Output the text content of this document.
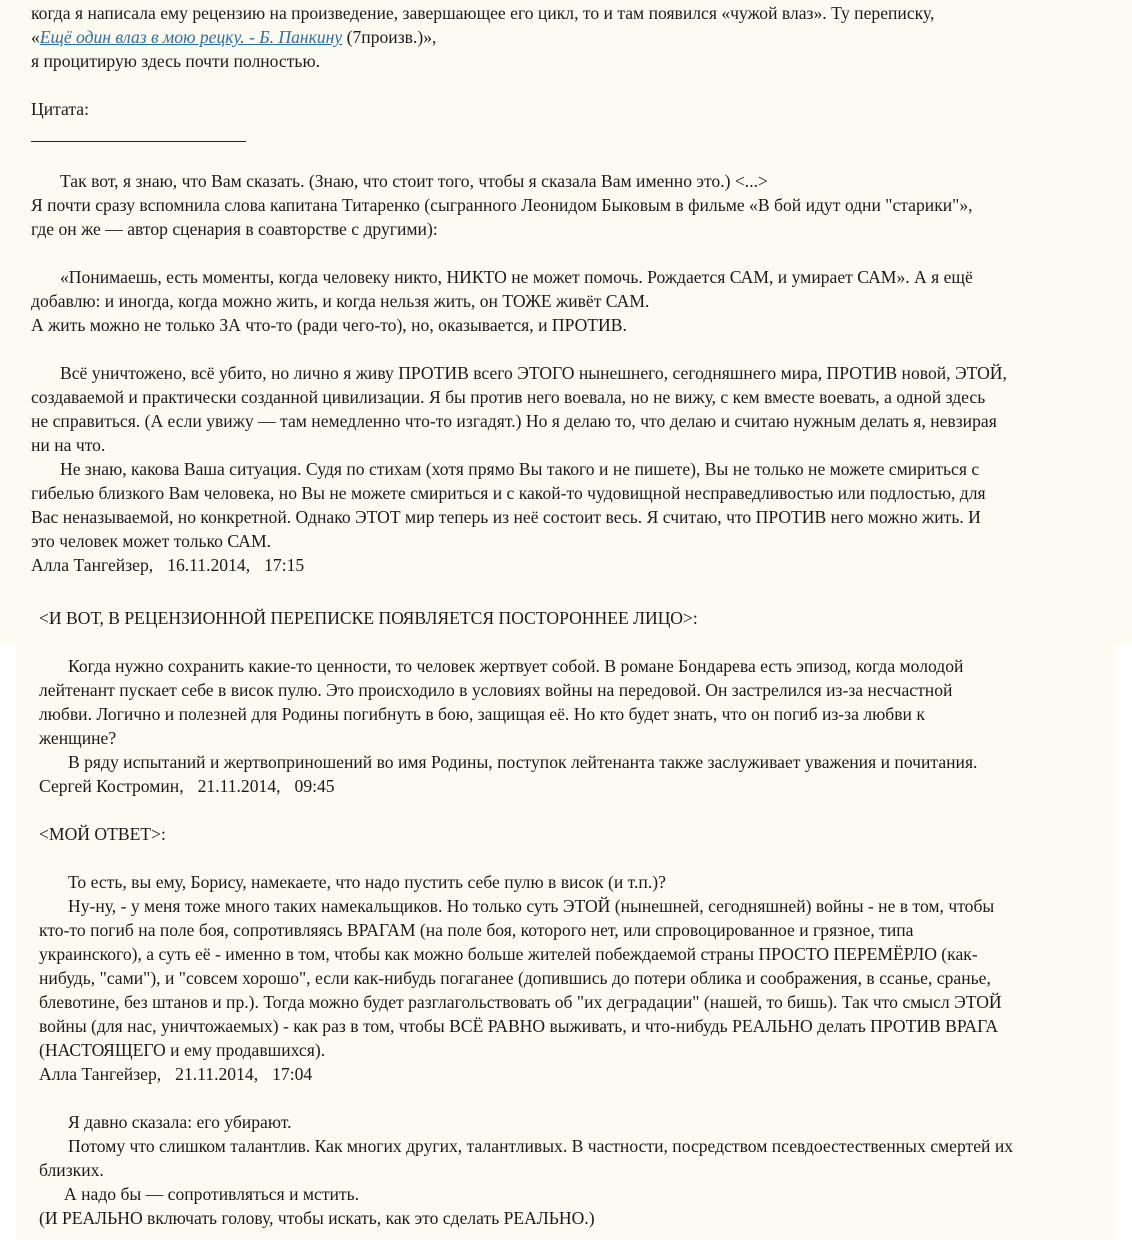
когда я написала ему рецензию на произведение, завершающее его цикл, то и там появился «чужой влаз». Ту переписку,
«Ещё один влаз в мою рецку. - Б. Панкину (7произв.)»,
я процитирую здесь почти полностью.
Цитата:
Так вот, я знаю, что Вам сказать. (Знаю, что стоит того, чтобы я сказала Вам именно это.) <...>
Я почти сразу вспомнила слова капитана Титаренко (сыгранного Леонидом Быковым в фильме «В бой идут одни "старики"»,
где он же — автор сценария в соавторстве с другими):
«Понимаешь, есть моменты, когда человеку никто, НИКТО не может помочь. Рождается САМ, и умирает САМ». А я ещё
добавлю: и иногда, когда можно жить, и когда нельзя жить, он ТОЖЕ живёт САМ.
А жить можно не только ЗА что-то (ради чего-то), но, оказывается, и ПРОТИВ.
Всё уничтожено, всё убито, но лично я живу ПРОТИВ всего ЭТОГО нынешнего, сегодняшнего мира, ПРОТИВ новой, ЭТОЙ,
создаваемой и практически созданной цивилизации. Я бы против него воевала, но не вижу, с кем вместе воевать, а одной здесь
не справиться. (А если увижу — там немедленно что-то изгадят.) Но я делаю то, что делаю и считаю нужным делать я, невзирая
ни на что.
Не знаю, какова Ваша ситуация. Судя по стихам (хотя прямо Вы такого и не пишете), Вы не только не можете смириться с
гибелью близкого Вам человека, но Вы не можете смириться и с какой-то чудовищной несправедливостью или подлостью, для
Вас неназываемой, но конкретной. Однако ЭТОТ мир теперь из неё состоит весь. Я считаю, что ПРОТИВ него можно жить. И
это человек может только САМ.
Алла Тангейзер, 16.11.2014, 17:15
<И ВОТ, В РЕЦЕНЗИОННОЙ ПЕРЕПИСКЕ ПОЯВЛЯЕТСЯ ПОСТОРОННЕЕ ЛИЦО>:
Когда нужно сохранить какие-то ценности, то человек жертвует собой. В романе Бондарева есть эпизод, когда молодой
лейтенант пускает себе в висок пулю. Это происходило в условиях войны на передовой. Он застрелился из-за несчастной
любви. Логично и полезней для Родины погибнуть в бою, защищая её. Но кто будет знать, что он погиб из-за любви к
женщине?
В ряду испытаний и жертвоприношений во имя Родины, поступок лейтенанта также заслуживает уважения и почитания.
Сергей Костромин, 21.11.2014, 09:45
<МОЙ ОТВЕТ>:
То есть, вы ему, Борису, намекаете, что надо пустить себе пулю в висок (и т.п.)?
Ну-ну, - у меня тоже много таких намекальщиков. Но только суть ЭТОЙ (нынешней, сегодняшней) войны - не в том, чтобы
кто-то погиб на поле боя, сопротивляясь ВРАГАМ (на поле боя, которого нет, или спровоцированное и грязное, типа
украинского), а суть её - именно в том, чтобы как можно больше жителей побеждаемой страны ПРОСТО ПЕРЕМЁРЛО (как-
нибудь, "сами"), и "совсем хорошо", если как-нибудь погаганее (допившись до потери облика и соображения, в ссанье, сранье,
блевотине, без штанов и пр.). Тогда можно будет разглагольствовать об "их деградации" (нашей, то бишь). Так что смысл ЭТОЙ
войны (для нас, уничтожаемых) - как раз в том, чтобы ВСЁ РАВНО выживать, и что-нибудь РЕАЛЬНО делать ПРОТИВ ВРАГА
(НАСТОЯЩЕГО и ему продавшихся).
Алла Тангейзер, 21.11.2014, 17:04
Я давно сказала: его убирают.
Потому что слишком талантлив. Как многих других, талантливых. В частности, посредством псевдоестественных смертей их
близких.
А надо бы — сопротивляться и мстить.
(И РЕАЛЬНО включать голову, чтобы искать, как это сделать РЕАЛЬНО.)
